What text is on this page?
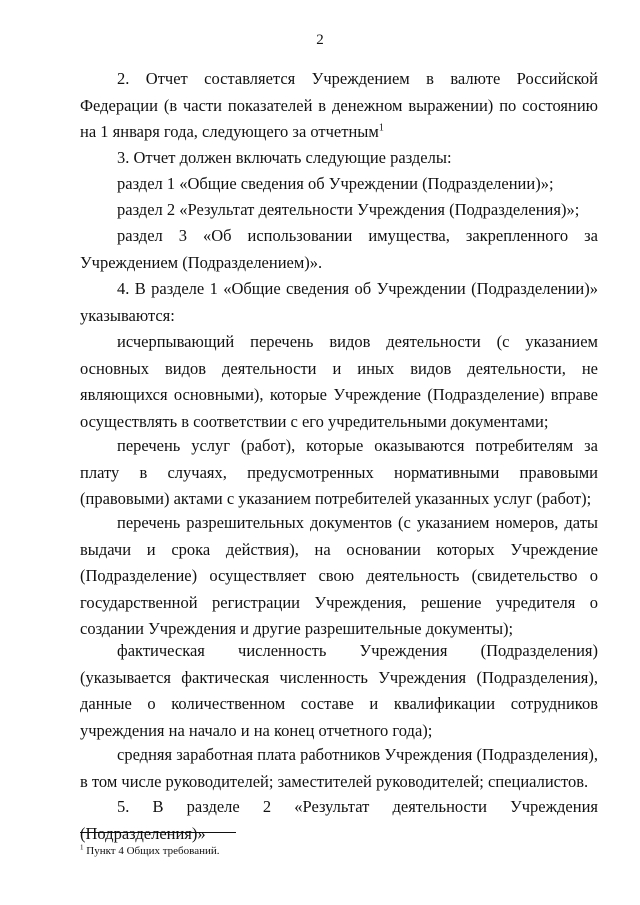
2

2. Отчет составляется Учреждением в валюте Российской Федерации (в части показателей в денежном выражении) по состоянию на 1 января года, следующего за отчетным$^1$

3. Отчет должен включать следующие разделы:

раздел 1 «Общие сведения об Учреждении (Подразделении)»;

раздел 2 «Результат деятельности Учреждения (Подразделения)»;

раздел 3 «Об использовании имущества, закрепленного за Учреждением (Подразделением)».

4. В разделе 1 «Общие сведения об Учреждении (Подразделении)» указываются:

исчерпывающий перечень видов деятельности (с указанием основных видов деятельности и иных видов деятельности, не являющихся основными), которые Учреждение (Подразделение) вправе осуществлять в соответствии с его учредительными документами;

перечень услуг (работ), которые оказываются потребителям за плату в случаях, предусмотренных нормативными правовыми (правовыми) актами с указанием потребителей указанных услуг (работ);

перечень разрешительных документов (с указанием номеров, даты выдачи и срока действия), на основании которых Учреждение (Подразделение) осуществляет свою деятельность (свидетельство о государственной регистрации Учреждения, решение учредителя о создании Учреждения и другие разрешительные документы);

фактическая численность Учреждения (Подразделения) (указывается фактическая численность Учреждения (Подразделения), данные о количественном составе и квалификации сотрудников учреждения на начало и на конец отчетного года);

средняя заработная плата работников Учреждения (Подразделения), в том числе руководителей; заместителей руководителей; специалистов.

5. В разделе 2 «Результат деятельности Учреждения (Подразделения)»

$^1$ Пункт 4 Общих требований.
